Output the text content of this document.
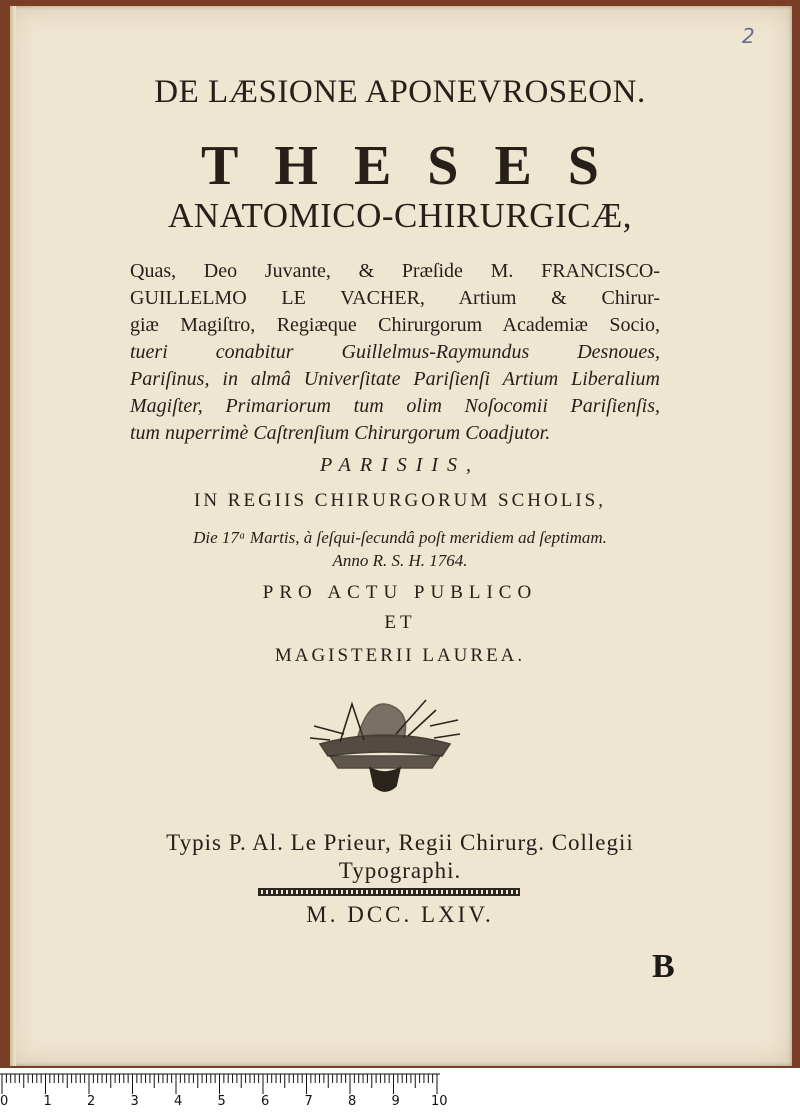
2
DE LÆSIONE APONEVROSEON.
THESES
ANATOMICO-CHIRURGICÆ,
Quas, Deo Juvante, & Præſide M. FRANCISCO-
GUILLELMO LE VACHER, Artium & Chirur-
giæ Magiſtro, Regiæque Chirurgorum Academiæ Socio,
tueri conabitur Guillelmus-Raymundus Desnoues,
Pariſinus, in almâ Univerſitate Pariſienſi Artium Liberalium
Magiſter, Primariorum tum olim Noſocomii Pariſienſis,
tum nuperrimè Caſtrenſium Chirurgorum Coadjutor.
PARISIIS,
IN REGIIS CHIRURGORUM SCHOLIS,
Die 17ᵃ Martis, à ſeſqui-ſecundâ poſt meridiem ad ſeptimam.
Anno R. S. H. 1764.
PRO ACTU PUBLICO
ET
MAGISTERII LAUREA.
Typis P. Al. Le Prieur, Regii Chirurg. Collegii
Typographi.
M. DCC. LXIV.
B
0	1	2	3	4	5	6	7	8	9 10
